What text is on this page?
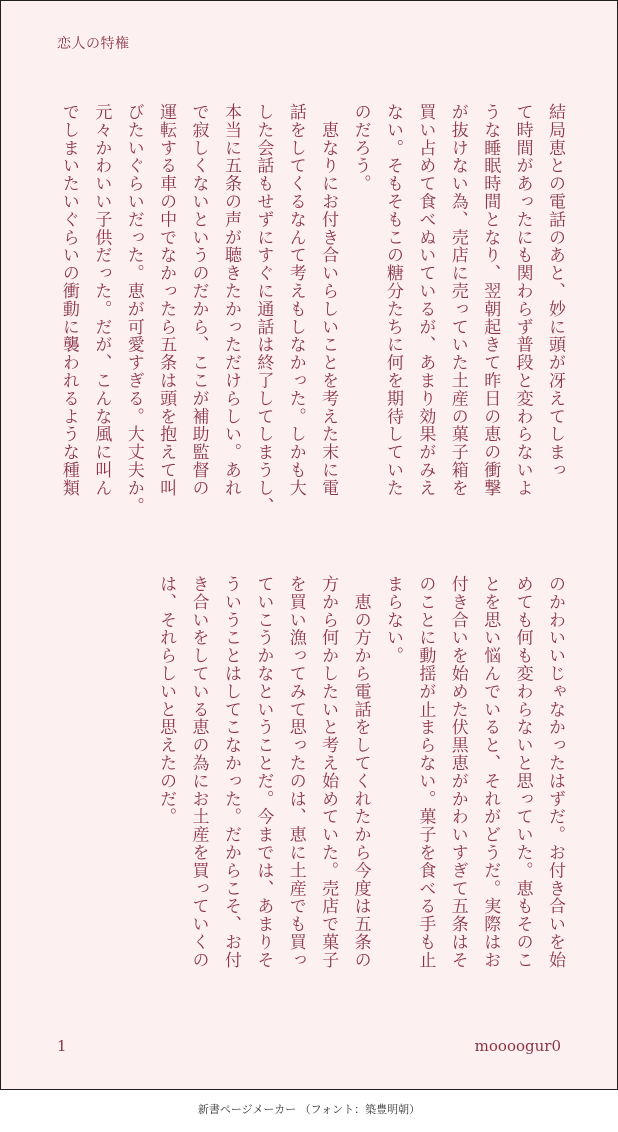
恋人の特権
結局恵との電話のあと、妙に頭が冴えてしまっ
て時間があったにも関わらず普段と変わらないよ
うな睡眠時間となり、翌朝起きて昨日の恵の衝撃
が抜けない為、売店に売っていた土産の菓子箱を
買い占めて食べぬいているが、あまり効果がみえ
ない。そもそもこの糖分たちに何を期待していた
のだろう。
　恵なりにお付き合いらしいことを考えた末に電
話をしてくるなんて考えもしなかった。しかも大
した会話もせずにすぐに通話は終了してしまうし、
本当に五条の声が聴きたかっただけらしい。あれ
で寂しくないというのだから、ここが補助監督の
運転する車の中でなかったら五条は頭を抱えて叫
びたいぐらいだった。恵が可愛すぎる。大丈夫か。
元々かわいい子供だった。だが、こんな風に叫ん
でしまいたいぐらいの衝動に襲われるような種類
のかわいいじゃなかったはずだ。お付き合いを始
めても何も変わらないと思っていた。恵もそのこ
とを思い悩んでいると、それがどうだ。実際はお
付き合いを始めた伏黒恵がかわいすぎて五条はそ
のことに動揺が止まらない。菓子を食べる手も止
まらない。
　恵の方から電話をしてくれたから今度は五条の
方から何かしたいと考え始めていた。売店で菓子
を買い漁ってみて思ったのは、恵に土産でも買っ
ていこうかなということだ。今までは、あまりそ
ういうことはしてこなかった。だからこそ、お付
き合いをしている恵の為にお土産を買っていくの
は、それらしいと思えたのだ。
1	moooogur0
新書ページメーカー （フォント：築豊明朝）
